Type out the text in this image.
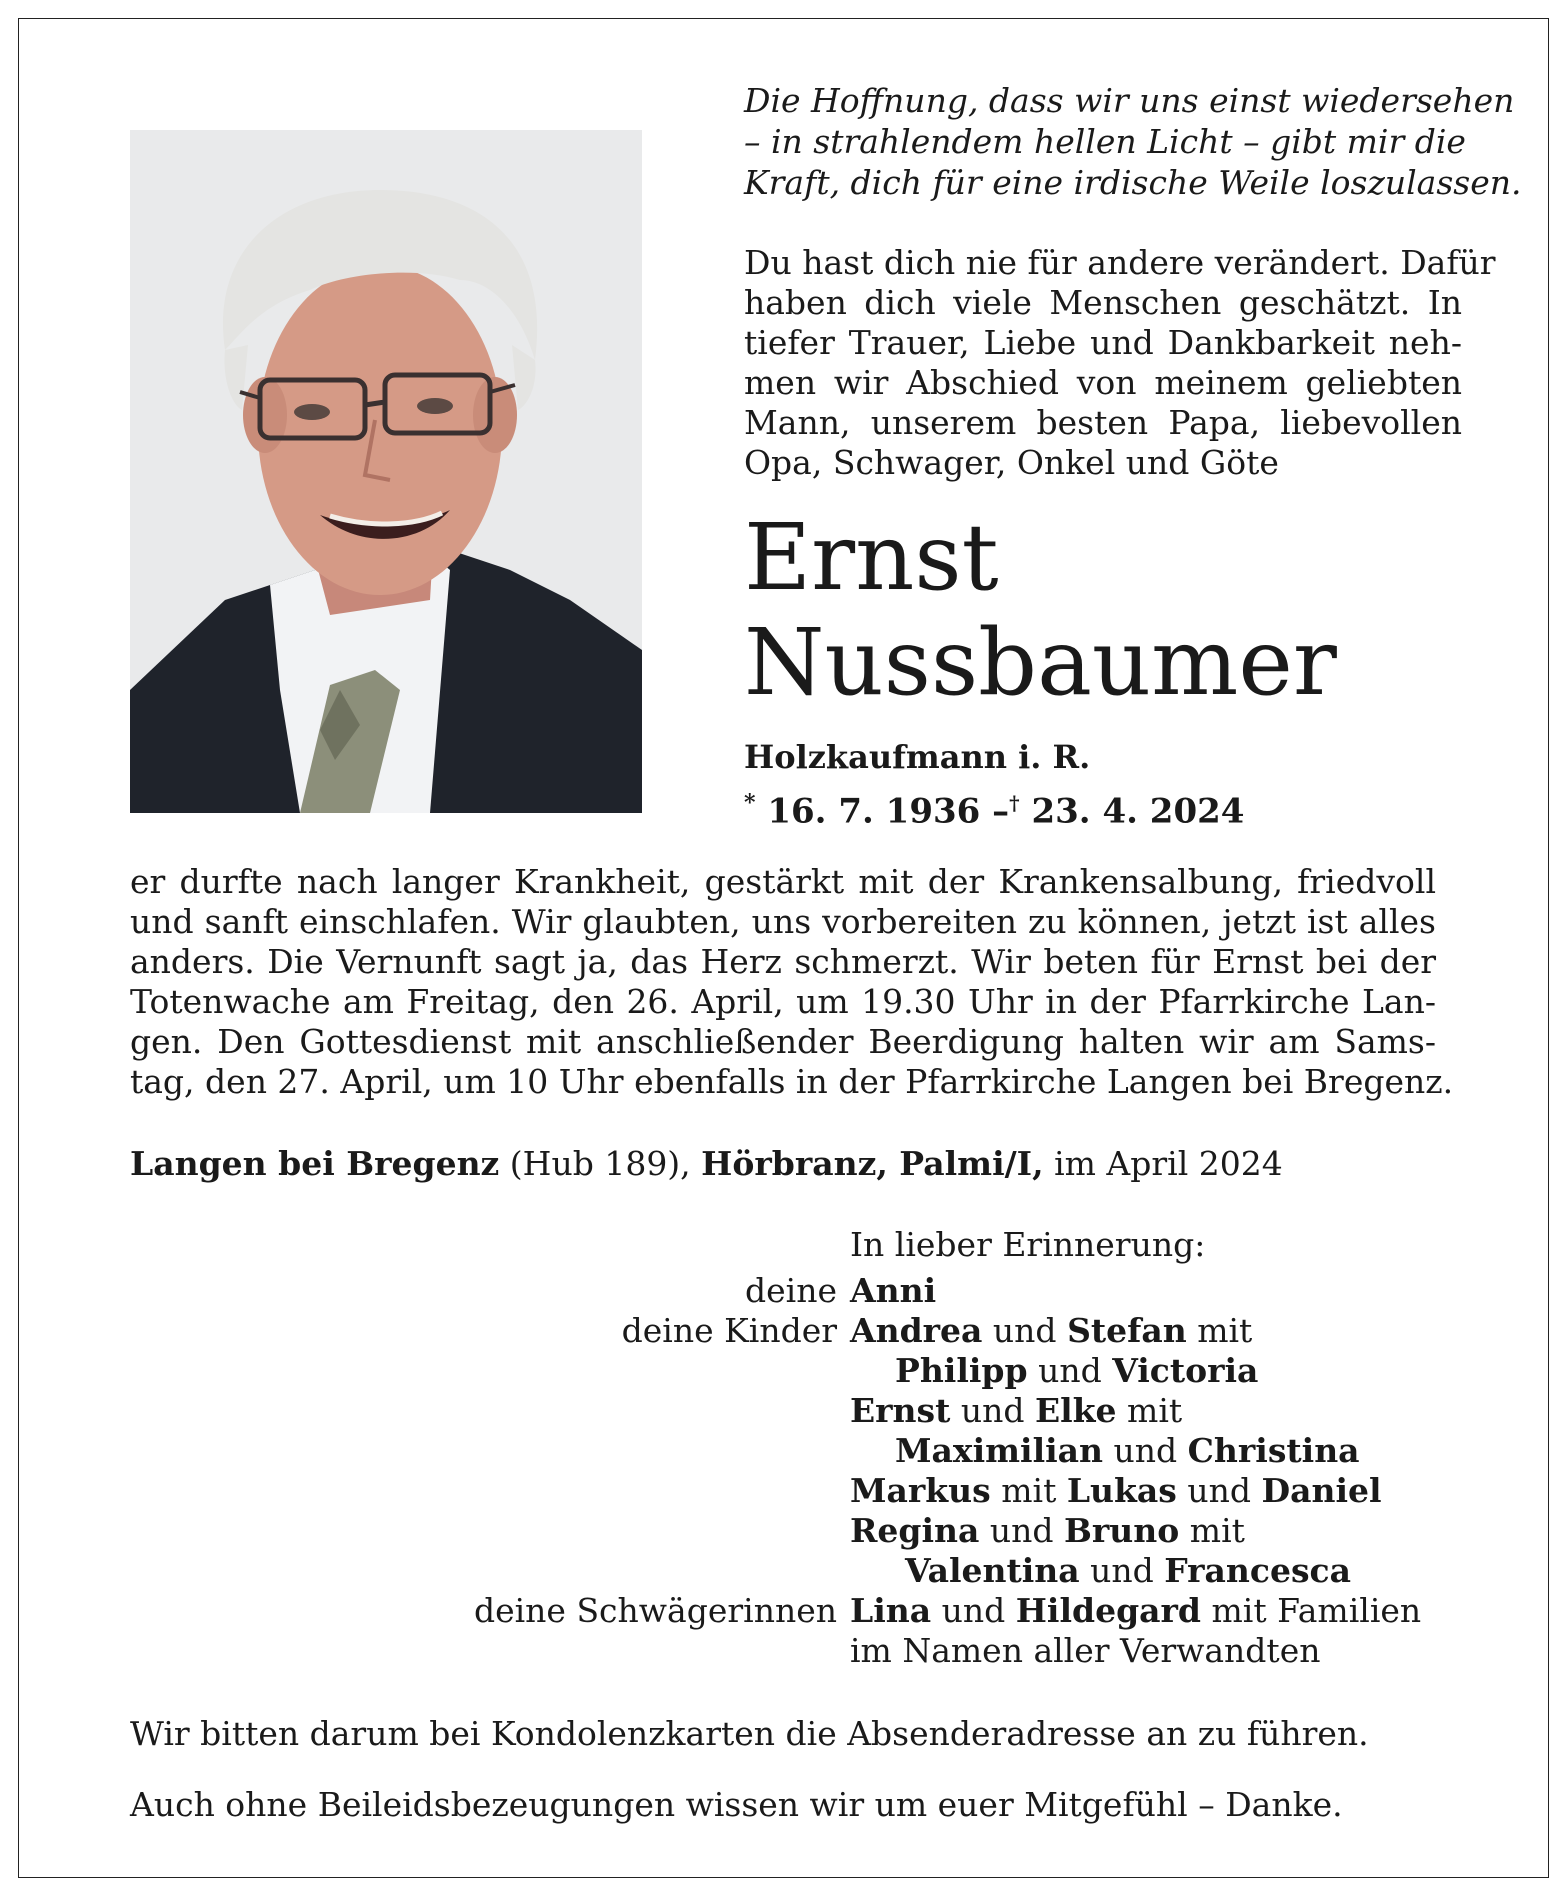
Die Hoffnung, dass wir uns einst wiedersehen
– in strahlendem hellen Licht – gibt mir die
Kraft, dich für eine irdische Weile loszulassen.
Du hast dich nie für andere verändert. Dafür
haben dich viele Menschen geschätzt. In
tiefer Trauer, Liebe und Dankbarkeit neh-
men wir Abschied von meinem geliebten
Mann, unserem besten Papa, liebevollen
Opa, Schwager, Onkel und Göte
Ernst
Nussbaumer
Holzkaufmann i. R.
* 16. 7. 1936 –† 23. 4. 2024
er durfte nach langer Krankheit, gestärkt mit der Krankensalbung, friedvoll
und sanft einschlafen. Wir glaubten, uns vorbereiten zu können, jetzt ist alles
anders. Die Vernunft sagt ja, das Herz schmerzt. Wir beten für Ernst bei der
Totenwache am Freitag, den 26. April, um 19.30 Uhr in der Pfarrkirche Lan-
gen. Den Gottesdienst mit anschließender Beerdigung halten wir am Sams-
tag, den 27. April, um 10 Uhr ebenfalls in der Pfarrkirche Langen bei Bregenz.
Langen bei Bregenz (Hub 189), Hörbranz, Palmi/I, im April 2024
In lieber Erinnerung:
deine Anni
deine Kinder Andrea und Stefan mit
Philipp und Victoria
Ernst und Elke mit
Maximilian und Christina
Markus mit Lukas und Daniel
Regina und Bruno mit
Valentina und Francesca
deine Schwägerinnen Lina und Hildegard mit Familien
im Namen aller Verwandten
Wir bitten darum bei Kondolenzkarten die Absenderadresse an zu führen.
Auch ohne Beileidsbezeugungen wissen wir um euer Mitgefühl – Danke.
